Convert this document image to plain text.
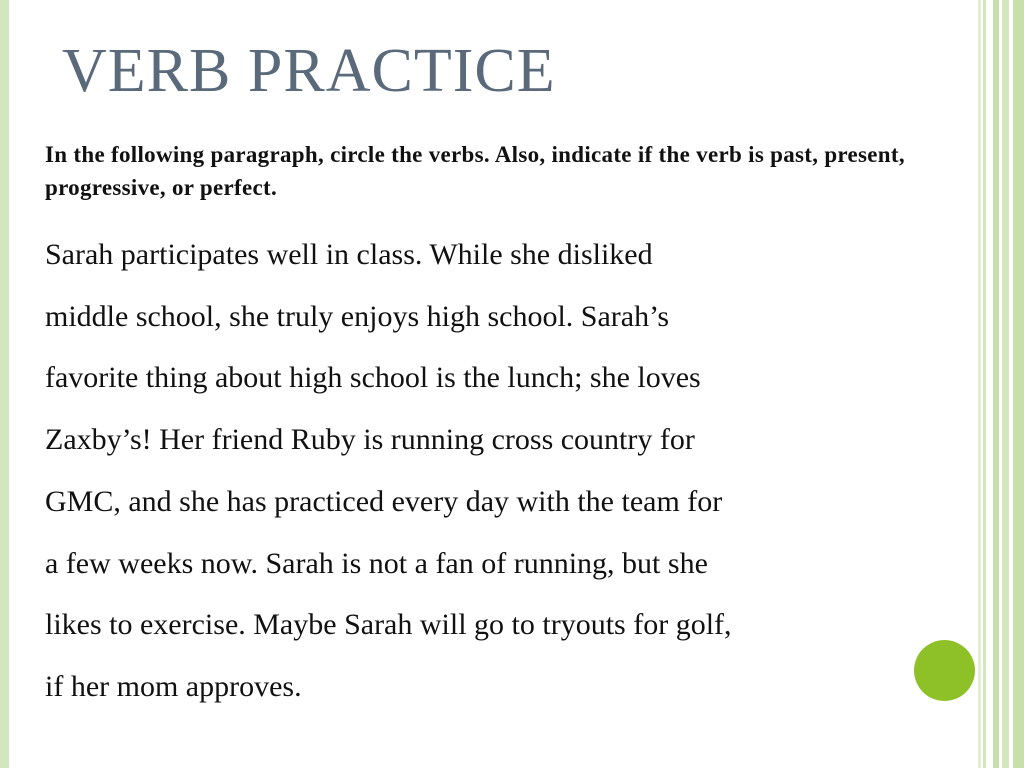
VERB PRACTICE

In the following paragraph, circle the verbs. Also, indicate if the verb is past, present, progressive, or perfect.

Sarah participates well in class. While she disliked
middle school, she truly enjoys high school. Sarah’s
favorite thing about high school is the lunch; she loves
Zaxby’s! Her friend Ruby is running cross country for
GMC, and she has practiced every day with the team for
a few weeks now. Sarah is not a fan of running, but she
likes to exercise. Maybe Sarah will go to tryouts for golf,
if her mom approves.
